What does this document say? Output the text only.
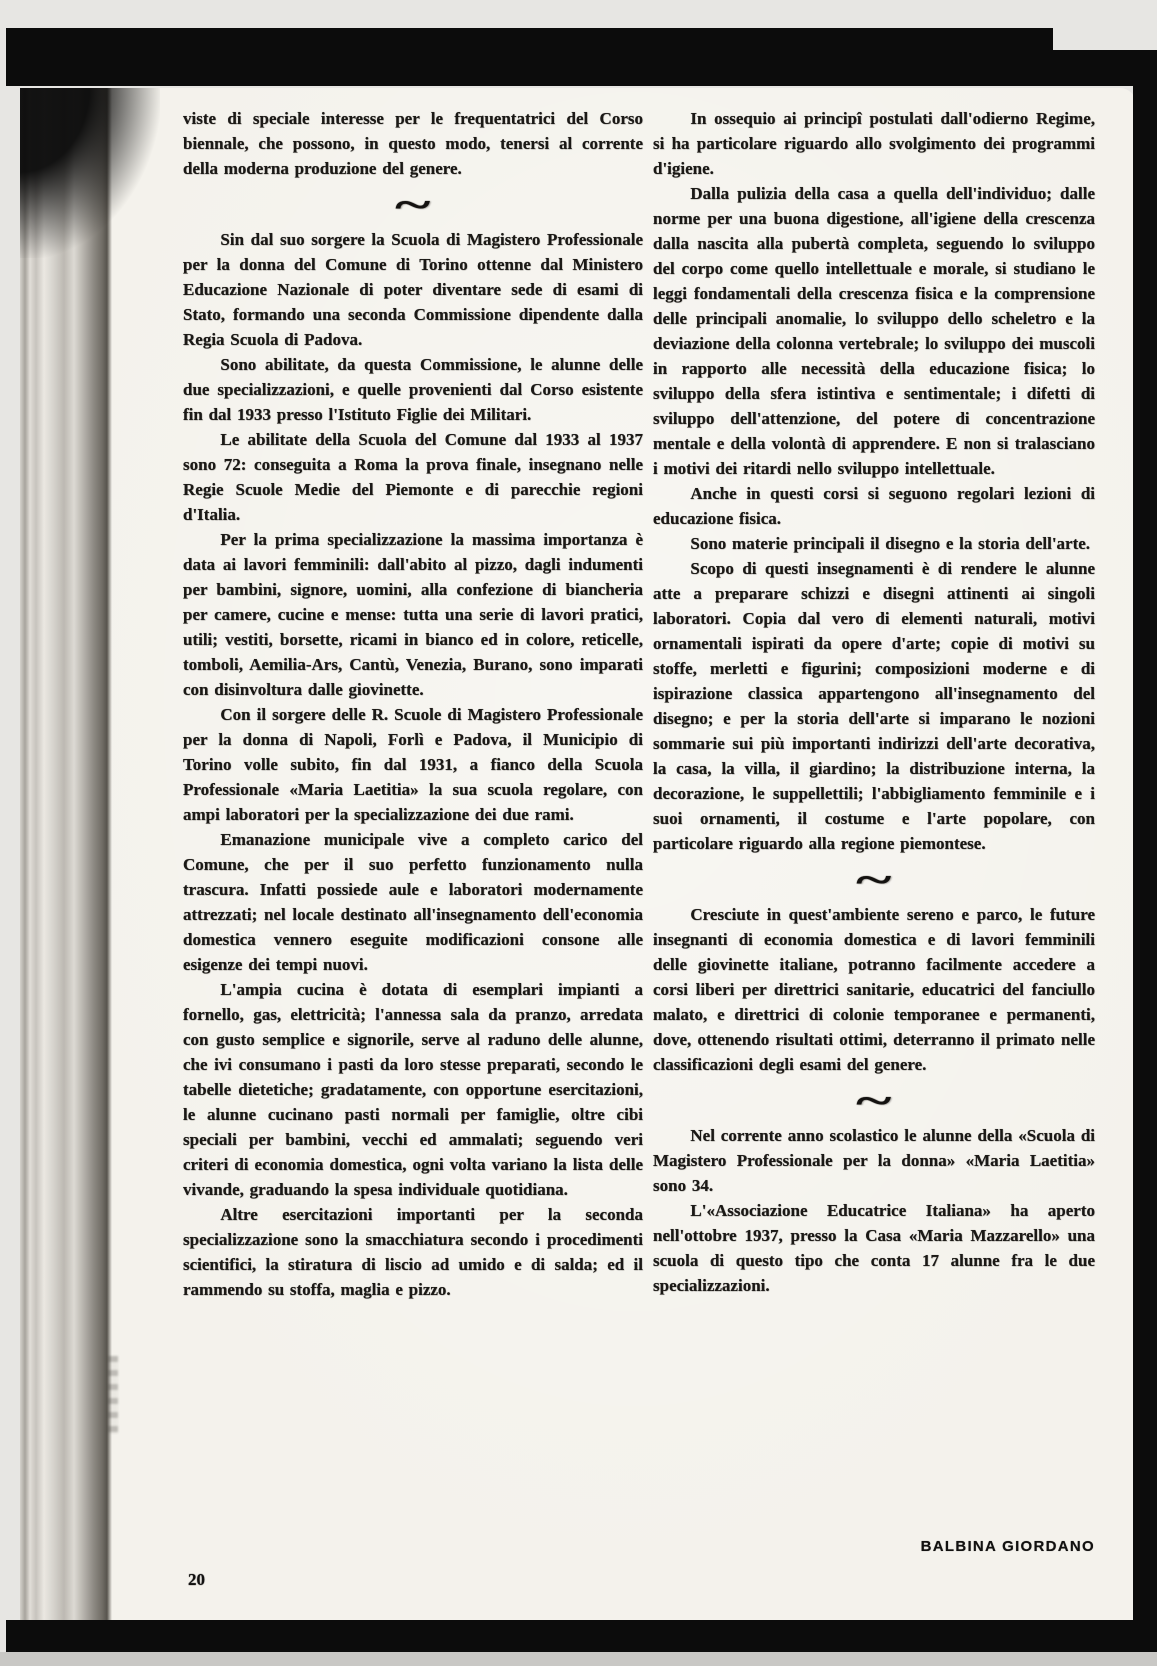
viste di speciale interesse per le frequentatrici del Corso biennale, che possono, in questo modo, tenersi al corrente della moderna produzione del genere.

~

Sin dal suo sorgere la Scuola di Magistero Professionale per la donna del Comune di Torino ottenne dal Ministero Educazione Nazionale di poter diventare sede di esami di Stato, formando una seconda Commissione dipendente dalla Regia Scuola di Padova.

Sono abilitate, da questa Commissione, le alunne delle due specializzazioni, e quelle provenienti dal Corso esistente fin dal 1933 presso l'Istituto Figlie dei Militari.

Le abilitate della Scuola del Comune dal 1933 al 1937 sono 72: conseguita a Roma la prova finale, insegnano nelle Regie Scuole Medie del Piemonte e di parecchie regioni d'Italia.

Per la prima specializzazione la massima importanza è data ai lavori femminili: dall'abito al pizzo, dagli indumenti per bambini, signore, uomini, alla confezione di biancheria per camere, cucine e mense: tutta una serie di lavori pratici, utili; vestiti, borsette, ricami in bianco ed in colore, reticelle, tomboli, Aemilia-Ars, Cantù, Venezia, Burano, sono imparati con disinvoltura dalle giovinette.

Con il sorgere delle R. Scuole di Magistero Professionale per la donna di Napoli, Forlì e Padova, il Municipio di Torino volle subito, fin dal 1931, a fianco della Scuola Professionale «Maria Laetitia» la sua scuola regolare, con ampi laboratori per la specializzazione dei due rami.

Emanazione municipale vive a completo carico del Comune, che per il suo perfetto funzionamento nulla trascura. Infatti possiede aule e laboratori modernamente attrezzati; nel locale destinato all'insegnamento dell'economia domestica vennero eseguite modificazioni consone alle esigenze dei tempi nuovi.

L'ampia cucina è dotata di esemplari impianti a fornello, gas, elettricità; l'annessa sala da pranzo, arredata con gusto semplice e signorile, serve al raduno delle alunne, che ivi consumano i pasti da loro stesse preparati, secondo le tabelle dietetiche; gradatamente, con opportune esercitazioni, le alunne cucinano pasti normali per famiglie, oltre cibi speciali per bambini, vecchi ed ammalati; seguendo veri criteri di economia domestica, ogni volta variano la lista delle vivande, graduando la spesa individuale quotidiana.

Altre esercitazioni importanti per la seconda specializzazione sono la smacchiatura secondo i procedimenti scientifici, la stiratura di liscio ad umido e di salda; ed il rammendo su stoffa, maglia e pizzo.

In ossequio ai principî postulati dall'odierno Regime, si ha particolare riguardo allo svolgimento dei programmi d'igiene.

Dalla pulizia della casa a quella dell'individuo; dalle norme per una buona digestione, all'igiene della crescenza dalla nascita alla pubertà completa, seguendo lo sviluppo del corpo come quello intellettuale e morale, si studiano le leggi fondamentali della crescenza fisica e la comprensione delle principali anomalie, lo sviluppo dello scheletro e la deviazione della colonna vertebrale; lo sviluppo dei muscoli in rapporto alle necessità della educazione fisica; lo sviluppo della sfera istintiva e sentimentale; i difetti di sviluppo dell'attenzione, del potere di concentrazione mentale e della volontà di apprendere. E non si tralasciano i motivi dei ritardi nello sviluppo intellettuale.

Anche in questi corsi si seguono regolari lezioni di educazione fisica.

Sono materie principali il disegno e la storia dell'arte.

Scopo di questi insegnamenti è di rendere le alunne atte a preparare schizzi e disegni attinenti ai singoli laboratori. Copia dal vero di elementi naturali, motivi ornamentali ispirati da opere d'arte; copie di motivi su stoffe, merletti e figurini; composizioni moderne e di ispirazione classica appartengono all'insegnamento del disegno; e per la storia dell'arte si imparano le nozioni sommarie sui più importanti indirizzi dell'arte decorativa, la casa, la villa, il giardino; la distribuzione interna, la decorazione, le suppellettili; l'abbigliamento femminile e i suoi ornamenti, il costume e l'arte popolare, con particolare riguardo alla regione piemontese.

~

Cresciute in quest'ambiente sereno e parco, le future insegnanti di economia domestica e di lavori femminili delle giovinette italiane, potranno facilmente accedere a corsi liberi per direttrici sanitarie, educatrici del fanciullo malato, e direttrici di colonie temporanee e permanenti, dove, ottenendo risultati ottimi, deterranno il primato nelle classificazioni degli esami del genere.

~

Nel corrente anno scolastico le alunne della «Scuola di Magistero Professionale per la donna» «Maria Laetitia» sono 34.

L'«Associazione Educatrice Italiana» ha aperto nell'ottobre 1937, presso la Casa «Maria Mazzarello» una scuola di questo tipo che conta 17 alunne fra le due specializzazioni.

20
BALBINA GIORDANO
